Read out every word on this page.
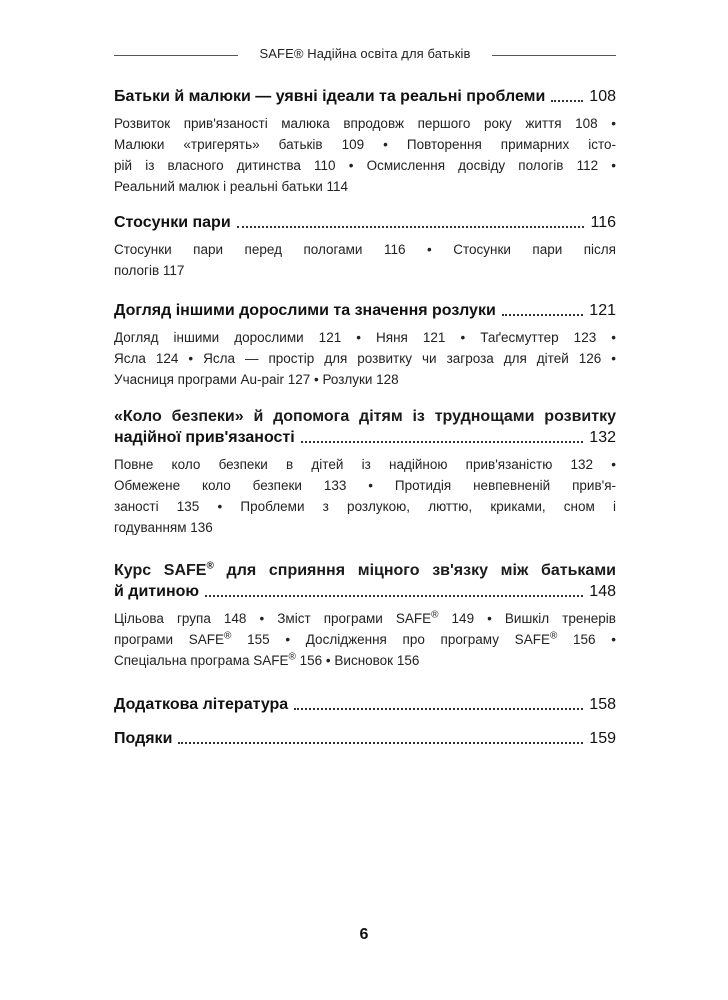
SAFE® Надійна освіта для батьків
Батьки й малюки — уявні ідеали та реальні проблеми	108
Розвиток прив'язаності малюка впродовж першого року життя 108 •
Малюки «тригерять» батьків 109 • Повторення примарних істо-
рій із власного дитинства 110 • Осмислення досвіду пологів 112 •
Реальний малюк і реальні батьки 114
Стосунки пари	116
Стосунки пари перед пологами 116 • Стосунки пари після
пологів 117
Догляд іншими дорослими та значення розлуки	121
Догляд іншими дорослими 121 • Няня 121 • Таґесмуттер 123 •
Ясла 124 • Ясла — простір для розвитку чи загроза для дітей 126 •
Учасниця програми Au-pair 127 • Розлуки 128
«Коло безпеки» й допомога дітям із труднощами розвитку
надійної прив'язаності	132
Повне коло безпеки в дітей із надійною прив'язаністю 132 •
Обмежене коло безпеки 133 • Протидія невпевненій прив'я-
заності 135 • Проблеми з розлукою, люттю, криками, сном і
годуванням 136
Курс SAFE® для сприяння міцного зв'язку між батьками
й дитиною	148
Цільова група 148 • Зміст програми SAFE® 149 • Вишкіл тренерів
програми SAFE® 155 • Дослідження про програму SAFE® 156 •
Спеціальна програма SAFE® 156 • Висновок 156
Додаткова література	158
Подяки	159
6
